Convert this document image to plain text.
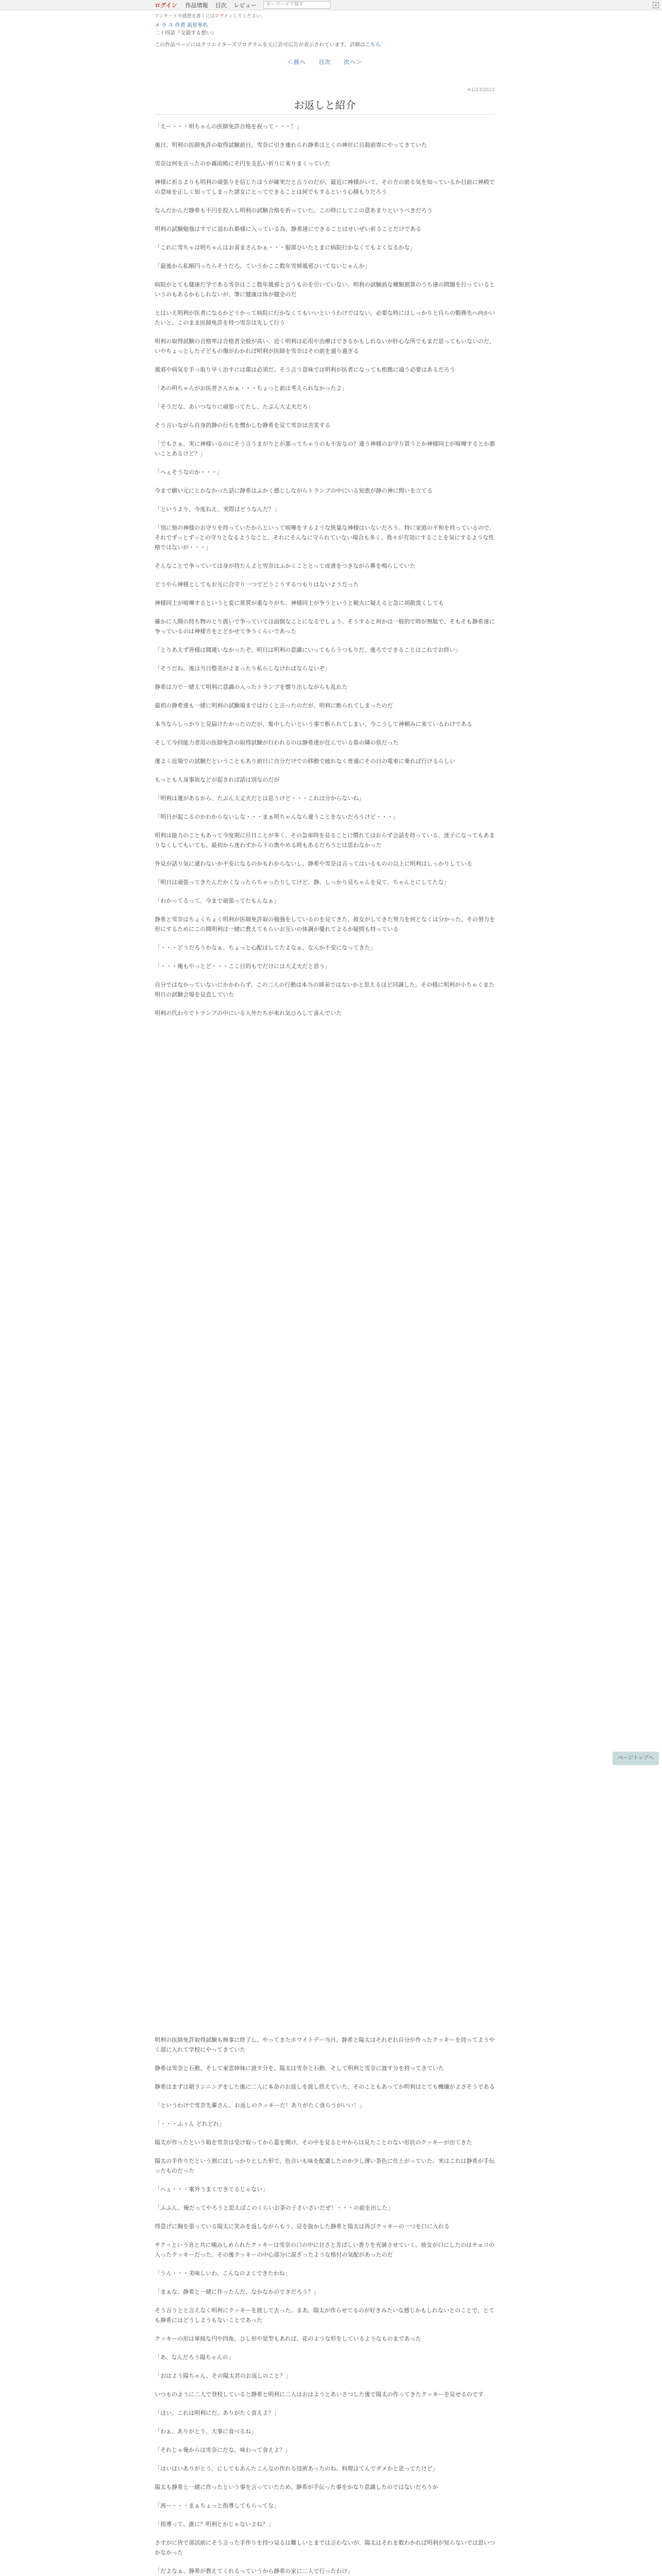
ログイン 作品情報 目次 レビュー	キーワードで探す	x
アンケートや感想を書くにはログインしてください。
メ ラ ス 作者 流星零名
二十四話『交錯する想い』
この作品ページにはクリエイターズプログラムを元に許可広告が表示されています。詳細はこちら
＜前へ 目次 次へ＞
※1/23/2022
お返しと紹介

「えー・・・明ちゃんの医師免許合格を祝って・・・！」

後日、明利の医師免許の取得試験前日。雪奈に引き連れられ静希はとくの神社に自殺前寄にやってきていた

雪奈は何を言ったのか霧雨殿にそ円を支払い祈りに来りまくっていた

神様に祈るよりも明利の頑張りを信じたほうが確実だと言うのだが、最近に神様がいて、その方の前る気を知っているか目前に神殿での意味を正しく知ってしまった諸女にとってできることは何でもするという心積もりだろう

なんだかんだ静希も不円を投入し明利の試験合格を祈っていた。この時にしてこの意あまりというべきだろう

明利の試験勉強はすでに追われ姫様に入っている為、静希達にできることはせいぜい祈ることだけである

「これに雪ちゃは明ちゃんはお喜まさんかぁ・・・服部ひいたとまに病院行かなくてもよくなるかな」

「最後から私順円ったらそうだろ、ていうかここ数年雪姉風邪ひいてないじゃんか」

病院がとても健康だ学である雪奈はここ数年風邪と言うものを引いていない。明利の試験前な種類割算のうち達の問題を行っているというのもあるかもしれないが、筆に健康は体が健全のだ

とはいえ明利が医者になるかどうかって病院に行かなくてもいいというわけではない。必要な時にはしっかりと自らの勤務先へ向かいたいと、このまま医師免許を持つ雪奈は先して行う

明利の取得試験の合格率は合格者全般が高い、近く明利は応用や治療はできるかもしれないが肝心な所でもまだ思ってもいないのだ、いやちょっとした子どもの傷がわかれば明利が医師を雪奈はその前を通り過ぎる

風邪や病気を手っ取り早く治すには薬は必須だ。そう言う意味では明利が医者になっても根拠に通う必要はあるだろう

「あの明ちゃんがお医者さんかぁ・・・ちょっと前は考えられなかったよ」

「そうだな、あいつなりに頑張ってたし、たぶん大丈夫だろ」

そう言いながら自身的静の行ちを懐かしむ静希を見て雪奈は苦笑する

「でもさぁ、実に神様いるのにそう言うまがりとが悪ってちゃうのも不安なの？違う神様のお守り買うとか神様同士が喧嘩するとか悪いことあるけど？」

「へぇそうなのか・・・」

今まで願い元にとかなかった話に静希はふかく感じしながらトランプの中にいる知恵が静の神に問いを立てる

「というより、今度ねえ、実際はどうなんだ？」

「別に他の神様のお守りを持っていたからといって喧嘩をするような狭量な神様はいないだろう。特に家庭の平和を持っているので、それでずっとずっとの守りとなるようなこと、それにそんなに守られていない場合も多く、我々が有効にすることを気にするような性格ではないが・・・」

そんなことで争っていては身が持たんよと雪奈はふかくこととって成書をつきながら鼻を鳴らしていた

どうやら神様としてもお互に合守り一つでどうこうするつもりはないようだった

神様同士が喧嘩するというと変に異質が重なりがち、神様同士が争うというと戦火に疑えると急に胡散臭くしても

確かに人間の持ち物のとり扱いで争っていては面倒なことになるでしょう。そうすると何かは一般的で時が無駄で、そもそも静希達に争っているのは神様方をとどかせて争うくらいであった

「とりあえず皆様は間違いなかったぞ、明日は明利の意識にいってもらうつもりだ、後ろでできることはこれでお終い」

「そうだね、後は当日整美がよまったり私らしなければならないぞ」

静希は力で一緒えて明利に意識の入ったトランプを懐り出しながらも乱れた

最初の静希達も一緒に明利の試験場までは行くと言ったのだが、明利に断られてしまったのだ

本当ならしっかりと見届けたかったのだが、集中したいという事で断られてしまい、今こうして神頼みに来ているわけである

そして今回能力者用の医師免許の取得試験が行われるのは静希達が住んでいる県の隣の県だった

運よく近場での試験だということもあり前日に自分だけでの移動で疲れなく普通にその日の電車に乗れば行けるらしい

もっとも人身事故などが起きれば話は別なのだが

「明利は運があるから、たぶん大丈夫だとは思うけど・・・これは分からないね」

「明日が起こるのかわからないしな・・・まぁ明ちゃんなら違うことをないだろうけど・・・」

明利は能力のこともあって今度期に旦日ことが多く、その急車時を見ることに慣れてはおらず会話を持っている、迷子になってもあまりなくしてもいても、最初から迷わずから下の奥やめる時もあるだろうとは思わなかった

外見が話り気に違わないか不安になるのかもわからないし、静希や雪奈は言ってはいるものの以上に明利はしっかりしている

「明日は頑張ってきたんだかくなったらちゃったりしてけど、静、しっかり見ちゃんを見て、ちゃんとにしてたな」

「わかってるって、今まで頑張ってたもんなぁ」

静希と雪奈はちょくちょく明利が医師免許取の勉強をしているのを見てきた、彼女がしてきた努力を何となくは分かった、その努力を形にするためにこの間明利は一緒に教えてもらいお互いの体調が優れてよるか疑問も持っている

「・・・どうだろうかなぁ、ちょっと心配はしてたよなぁ、なんか不安になってきた」

「・・・俺もやっとど・・・ここ目的もでだけには大丈夫だと思う」

自分ではなかっていないにかかわらず、この二人の行動は本当の姉弟ではないかと思えるほど同調した。その様に明利が小ちゃくまた明日の試験会場を見直していた

明利の代わりでトランプの中にいる人外たちが束れ気ひろして喜んでいた

ページトップへ

明利の医師免許取得試験も無事に終了し、やってきたホワイトデー当日、静希と陽太はそれぞれ自分が作ったクッキーを持ってようやく部に入れて学校にやってきていた

静希は雪奈と石動、そして東雲姉妹に渡す分を、陽太は雪奈と石動、そして明利と雪奈に渡す分を持ってきていた

静希はまずは朝ランニングをした後に二人に本命のお返しを渡し終えていた、そのこともあってか明利はとても機嫌がよさそうである

「というわけで雪奈先輩さん、お返しのクッキーだ！ありがたく食らうがいい！」

「・・・ふぅん どれどれ」

陽太が作ったという箱を雪奈は受け取ってから蓋を開け、その中を見ると中からは見たことのない形状のクッキーが出てきた

陽太の手作りだという割にはしっかりとした形で、色合いも味を配慮したのか少し薄い茶色に仕上がっていた。実はこれは静希が手伝ったものだった

「へぇ・・・案外うまくできてるじゃない」

「ふふん、俺だってやろうと思えばこのくらいお茶の子さいさいだぜ！・・・の前を出した」

得意げに胸を張っている陽太に笑みを返しながらもう、見を抜かした静希と陽太は再びクッキーの一つを口に入れる

サクッという音と共に噛みしめられたクッキーは雪奈の口の中に甘さと芳ばしい香りを充満させていく。彼女が口にしたのはチョコの入ったクッキーだった。その後クッキーの中心部分に混ざったような格付の気配があったのだ

「うん・・・美味しいわ、こんなのよくできたわね」

「まぁな、静希と一緒に作ったんだ、なかなかのできだろう？」

そう言うとと言えなく明利にクッキーを渡して去った。まあ、陽太が作らせてるのが好きみたいな感じかもしれないとのことで、とても静希にはどうしようもないことであった

クッキーの形は単純な円や四角、ひし形や星型もあれば、花のような形をしているようなものまであった

「あ、なんだろう陽ちゃんの」

「おはよう陽ちゃん、その陽太君のお返しのこと？」

いつものように二人で登校していると静希と明利に二人はおはようとあいさつした後で陽太の作ってきたクッキーを見せるのです

「ほい、これは明利にだ。ありがたく食えよ？」

「わぁ、ありがとう、大事に食べるね」

「それじゃ俺からは雪奈にだな、味わって食えよ？」

「はいはいありがとう。にしてもあんたこんなの作れる技術あったのね。料理はてんでダメかと思ってたけど」

陽太も静希と一緒に作ったという事を言っていたため、静希が手伝った事をかなり意識したのではないだろうか

「茜ー・・・まぁちょっと指導してもらってな」

「指導って、誰に？明利とかじゃないよね？」

さすがに皆で部活前にそう言った手作りを持つ見るは難しいとまでは言わないが、陽太はそれを数わかれば明利が知らないでは思いつかなかった

「だよなぁ、静希が教えてくれるっていうから静希の家に二人で行ったわけ」
